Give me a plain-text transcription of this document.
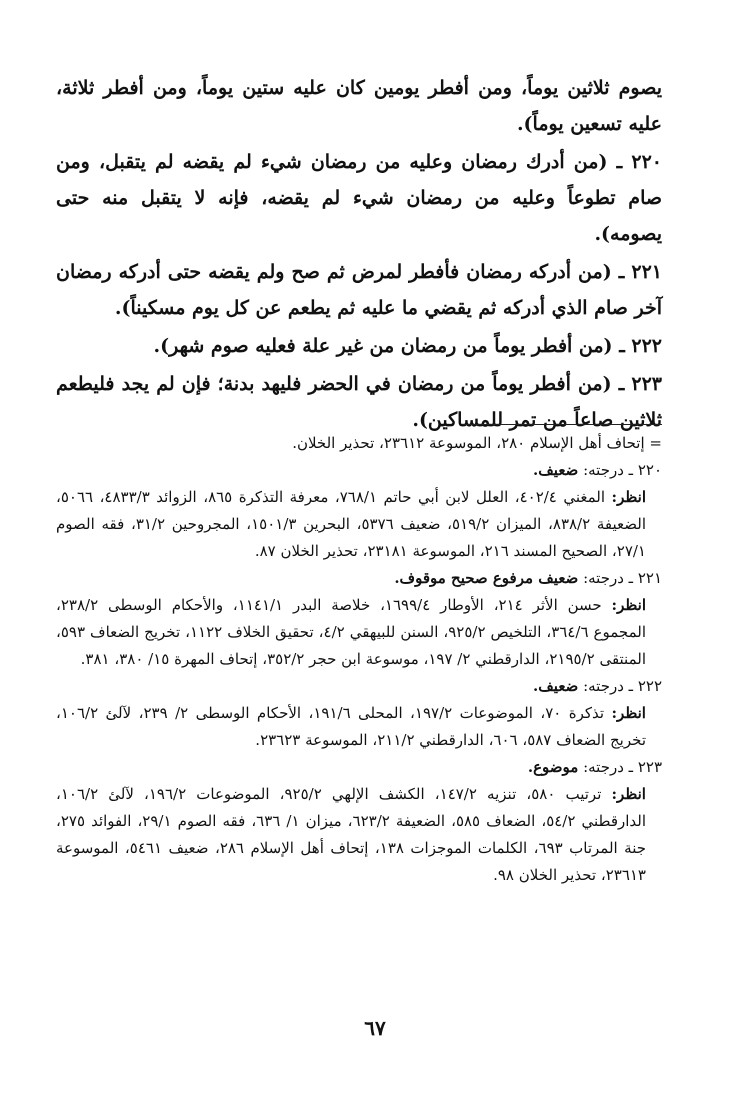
يصوم ثلاثين يوماً، ومن أفطر يومين كان عليه ستين يوماً، ومن أفطر ثلاثة، عليه تسعين يوماً).

٢٢٠ ـ (من أدرك رمضان وعليه من رمضان شيء لم يقضه لم يتقبل، ومن صام تطوعاً وعليه من رمضان شيء لم يقضه، فإنه لا يتقبل منه حتى يصومه).

٢٢١ ـ (من أدركه رمضان فأفطر لمرض ثم صح ولم يقضه حتى أدركه رمضان آخر صام الذي أدركه ثم يقضي ما عليه ثم يطعم عن كل يوم مسكيناً).

٢٢٢ ـ (من أفطر يوماً من رمضان من غير علة فعليه صوم شهر).

٢٢٣ ـ (من أفطر يوماً من رمضان في الحضر فليهد بدنة؛ فإن لم يجد فليطعم ثلاثين صاعاً من تمر للمساكين).

= إتحاف أهل الإسلام ٢٨٠، الموسوعة ٢٣٦١٢، تحذير الخلان.

٢٢٠ ـ درجته: ضعيف.

انظر: المغني ٤٠٢/٤، العلل لابن أبي حاتم ٧٦٨/١، معرفة التذكرة ٨٦٥، الزوائد ٤٨٣٣/٣، ٥٠٦٦، الضعيفة ٨٣٨/٢، الميزان ٥١٩/٢، ضعيف ٥٣٧٦، البحرين ١٥٠١/٣، المجروحين ٣١/٢، فقه الصوم ٢٧/١، الصحيح المسند ٢١٦، الموسوعة ٢٣١٨١، تحذير الخلان ٨٧.

٢٢١ ـ درجته: ضعيف مرفوع صحيح موقوف.

انظر: حسن الأثر ٢١٤، الأوطار ١٦٩٩/٤، خلاصة البدر ١١٤١/١، والأحكام الوسطى ٢٣٨/٢، المجموع ٣٦٤/٦، التلخيص ٩٢٥/٢، السنن للبيهقي ٤/٢، تحقيق الخلاف ١١٢٢، تخريج الضعاف ٥٩٣، المنتقى ٢١٩٥/٢، الدارقطني ٢/ ١٩٧، موسوعة ابن حجر ٣٥٢/٢، إتحاف المهرة ١٥/ ٣٨٠، ٣٨١.

٢٢٢ ـ درجته: ضعيف.

انظر: تذكرة ٧٠، الموضوعات ١٩٧/٢، المحلى ١٩١/٦، الأحكام الوسطى ٢/ ٢٣٩، لآلئ ١٠٦/٢، تخريج الضعاف ٥٨٧، ٦٠٦، الدارقطني ٢١١/٢، الموسوعة ٢٣٦٢٣.

٢٢٣ ـ درجته: موضوع.

انظر: ترتيب ٥٨٠، تنزيه ١٤٧/٢، الكشف الإلهي ٩٢٥/٢، الموضوعات ١٩٦/٢، لآلئ ١٠٦/٢، الدارقطني ٥٤/٢، الضعاف ٥٨٥، الضعيفة ٦٢٣/٢، ميزان ١/ ٦٣٦، فقه الصوم ٢٩/١، الفوائد ٢٧٥، جنة المرتاب ٦٩٣، الكلمات الموجزات ١٣٨، إتحاف أهل الإسلام ٢٨٦، ضعيف ٥٤٦١، الموسوعة ٢٣٦١٣، تحذير الخلان ٩٨.

٦٧
